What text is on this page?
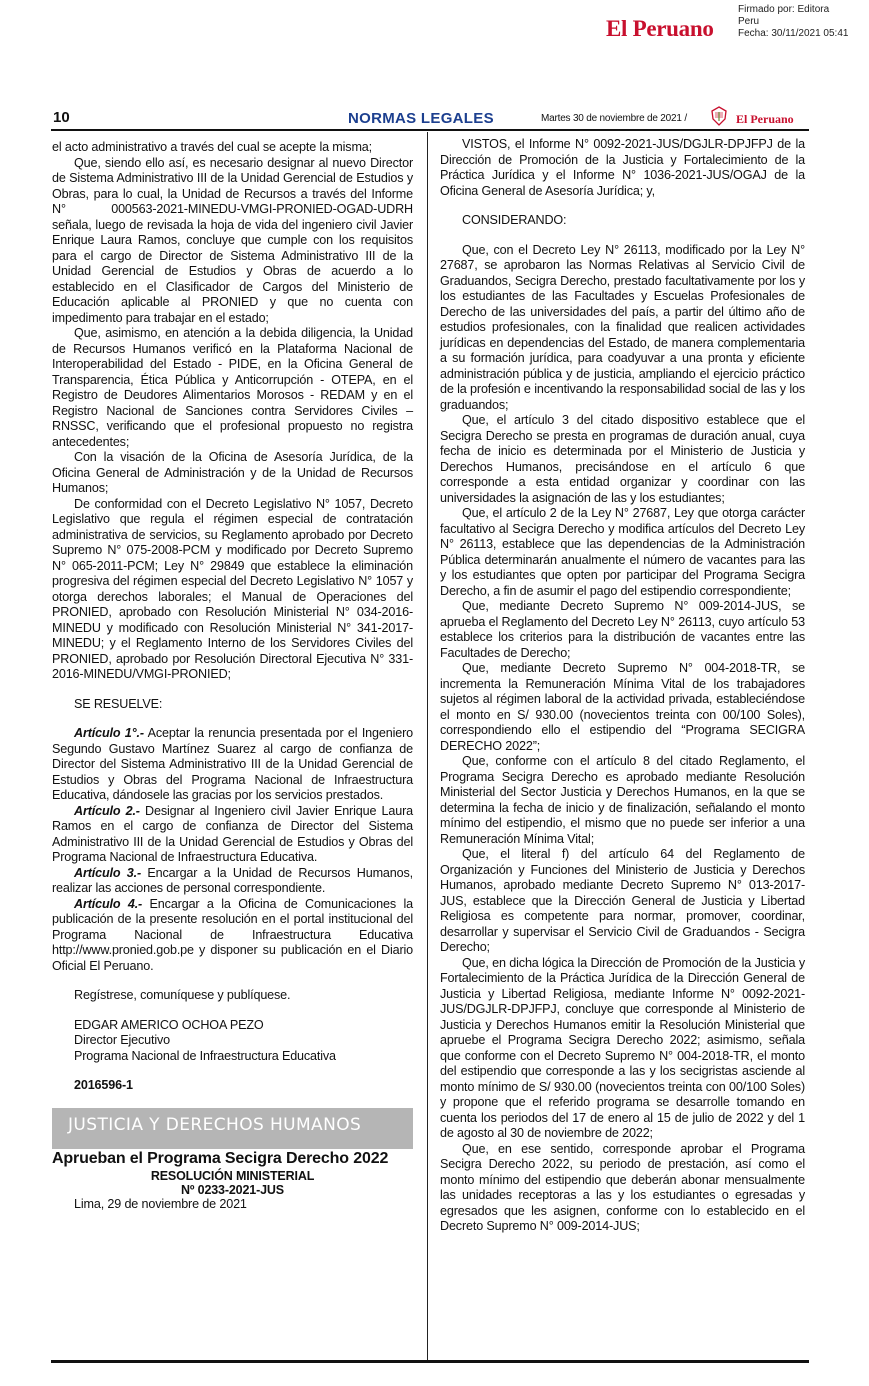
Firmado por: Editora
Peru
Fecha: 30/11/2021 05:41
El Peruano
10	NORMAS LEGALES	Martes 30 de noviembre de 2021 /	El Peruano

el acto administrativo a través del cual se acepte la misma;

Que, siendo ello así, es necesario designar al nuevo Director de Sistema Administrativo III de la Unidad Gerencial de Estudios y Obras, para lo cual, la Unidad de Recursos a través del Informe N° 000563-2021-MINEDU-VMGI-PRONIED-OGAD-UDRH señala, luego de revisada la hoja de vida del ingeniero civil Javier Enrique Laura Ramos, concluye que cumple con los requisitos para el cargo de Director de Sistema Administrativo III de la Unidad Gerencial de Estudios y Obras de acuerdo a lo establecido en el Clasificador de Cargos del Ministerio de Educación aplicable al PRONIED y que no cuenta con impedimento para trabajar en el estado;

Que, asimismo, en atención a la debida diligencia, la Unidad de Recursos Humanos verificó en la Plataforma Nacional de Interoperabilidad del Estado - PIDE, en la Oficina General de Transparencia, Ética Pública y Anticorrupción - OTEPA, en el Registro de Deudores Alimentarios Morosos - REDAM y en el Registro Nacional de Sanciones contra Servidores Civiles – RNSSC, verificando que el profesional propuesto no registra antecedentes;

Con la visación de la Oficina de Asesoría Jurídica, de la Oficina General de Administración y de la Unidad de Recursos Humanos;

De conformidad con el Decreto Legislativo N° 1057, Decreto Legislativo que regula el régimen especial de contratación administrativa de servicios, su Reglamento aprobado por Decreto Supremo N° 075-2008-PCM y modificado por Decreto Supremo N° 065-2011-PCM; Ley N° 29849 que establece la eliminación progresiva del régimen especial del Decreto Legislativo N° 1057 y otorga derechos laborales; el Manual de Operaciones del PRONIED, aprobado con Resolución Ministerial N° 034-2016-MINEDU y modificado con Resolución Ministerial N° 341-2017-MINEDU; y el Reglamento Interno de los Servidores Civiles del PRONIED, aprobado por Resolución Directoral Ejecutiva N° 331-2016-MINEDU/VMGI-PRONIED;

SE RESUELVE:

Artículo 1°.- Aceptar la renuncia presentada por el Ingeniero Segundo Gustavo Martínez Suarez al cargo de confianza de Director del Sistema Administrativo III de la Unidad Gerencial de Estudios y Obras del Programa Nacional de Infraestructura Educativa, dándosele las gracias por los servicios prestados.

Artículo 2.- Designar al Ingeniero civil Javier Enrique Laura Ramos en el cargo de confianza de Director del Sistema Administrativo III de la Unidad Gerencial de Estudios y Obras del Programa Nacional de Infraestructura Educativa.

Artículo 3.- Encargar a la Unidad de Recursos Humanos, realizar las acciones de personal correspondiente.

Artículo 4.- Encargar a la Oficina de Comunicaciones la publicación de la presente resolución en el portal institucional del Programa Nacional de Infraestructura Educativa http://www.pronied.gob.pe y disponer su publicación en el Diario Oficial El Peruano.

Regístrese, comuníquese y publíquese.

EDGAR AMERICO OCHOA PEZO

Director Ejecutivo

Programa Nacional de Infraestructura Educativa

2016596-1

JUSTICIA Y DERECHOS HUMANOS

Aprueban el Programa Secigra Derecho 2022

RESOLUCIÓN MINISTERIAL

Nº 0233-2021-JUS

Lima, 29 de noviembre de 2021

VISTOS, el Informe N° 0092-2021-JUS/DGJLR-DPJFPJ de la Dirección de Promoción de la Justicia y Fortalecimiento de la Práctica Jurídica y el Informe N° 1036-2021-JUS/OGAJ de la Oficina General de Asesoría Jurídica; y,

CONSIDERANDO:

Que, con el Decreto Ley N° 26113, modificado por la Ley N° 27687, se aprobaron las Normas Relativas al Servicio Civil de Graduandos, Secigra Derecho, prestado facultativamente por los y los estudiantes de las Facultades y Escuelas Profesionales de Derecho de las universidades del país, a partir del último año de estudios profesionales, con la finalidad que realicen actividades jurídicas en dependencias del Estado, de manera complementaria a su formación jurídica, para coadyuvar a una pronta y eficiente administración pública y de justicia, ampliando el ejercicio práctico de la profesión e incentivando la responsabilidad social de las y los graduandos;

Que, el artículo 3 del citado dispositivo establece que el Secigra Derecho se presta en programas de duración anual, cuya fecha de inicio es determinada por el Ministerio de Justicia y Derechos Humanos, precisándose en el artículo 6 que corresponde a esta entidad organizar y coordinar con las universidades la asignación de las y los estudiantes;

Que, el artículo 2 de la Ley N° 27687, Ley que otorga carácter facultativo al Secigra Derecho y modifica artículos del Decreto Ley N° 26113, establece que las dependencias de la Administración Pública determinarán anualmente el número de vacantes para las y los estudiantes que opten por participar del Programa Secigra Derecho, a fin de asumir el pago del estipendio correspondiente;

Que, mediante Decreto Supremo N° 009-2014-JUS, se aprueba el Reglamento del Decreto Ley N° 26113, cuyo artículo 53 establece los criterios para la distribución de vacantes entre las Facultades de Derecho;

Que, mediante Decreto Supremo N° 004-2018-TR, se incrementa la Remuneración Mínima Vital de los trabajadores sujetos al régimen laboral de la actividad privada, estableciéndose el monto en S/ 930.00 (novecientos treinta con 00/100 Soles), correspondiendo ello el estipendio del “Programa SECIGRA DERECHO 2022”;

Que, conforme con el artículo 8 del citado Reglamento, el Programa Secigra Derecho es aprobado mediante Resolución Ministerial del Sector Justicia y Derechos Humanos, en la que se determina la fecha de inicio y de finalización, señalando el monto mínimo del estipendio, el mismo que no puede ser inferior a una Remuneración Mínima Vital;

Que, el literal f) del artículo 64 del Reglamento de Organización y Funciones del Ministerio de Justicia y Derechos Humanos, aprobado mediante Decreto Supremo N° 013-2017-JUS, establece que la Dirección General de Justicia y Libertad Religiosa es competente para normar, promover, coordinar, desarrollar y supervisar el Servicio Civil de Graduandos - Secigra Derecho;

Que, en dicha lógica la Dirección de Promoción de la Justicia y Fortalecimiento de la Práctica Jurídica de la Dirección General de Justicia y Libertad Religiosa, mediante Informe N° 0092-2021-JUS/DGJLR-DPJFPJ, concluye que corresponde al Ministerio de Justicia y Derechos Humanos emitir la Resolución Ministerial que apruebe el Programa Secigra Derecho 2022; asimismo, señala que conforme con el Decreto Supremo N° 004-2018-TR, el monto del estipendio que corresponde a las y los secigristas asciende al monto mínimo de S/ 930.00 (novecientos treinta con 00/100 Soles) y propone que el referido programa se desarrolle tomando en cuenta los periodos del 17 de enero al 15 de julio de 2022 y del 1 de agosto al 30 de noviembre de 2022;

Que, en ese sentido, corresponde aprobar el Programa Secigra Derecho 2022, su periodo de prestación, así como el monto mínimo del estipendio que deberán abonar mensualmente las unidades receptoras a las y los estudiantes o egresadas y egresados que les asignen, conforme con lo establecido en el Decreto Supremo N° 009-2014-JUS;
